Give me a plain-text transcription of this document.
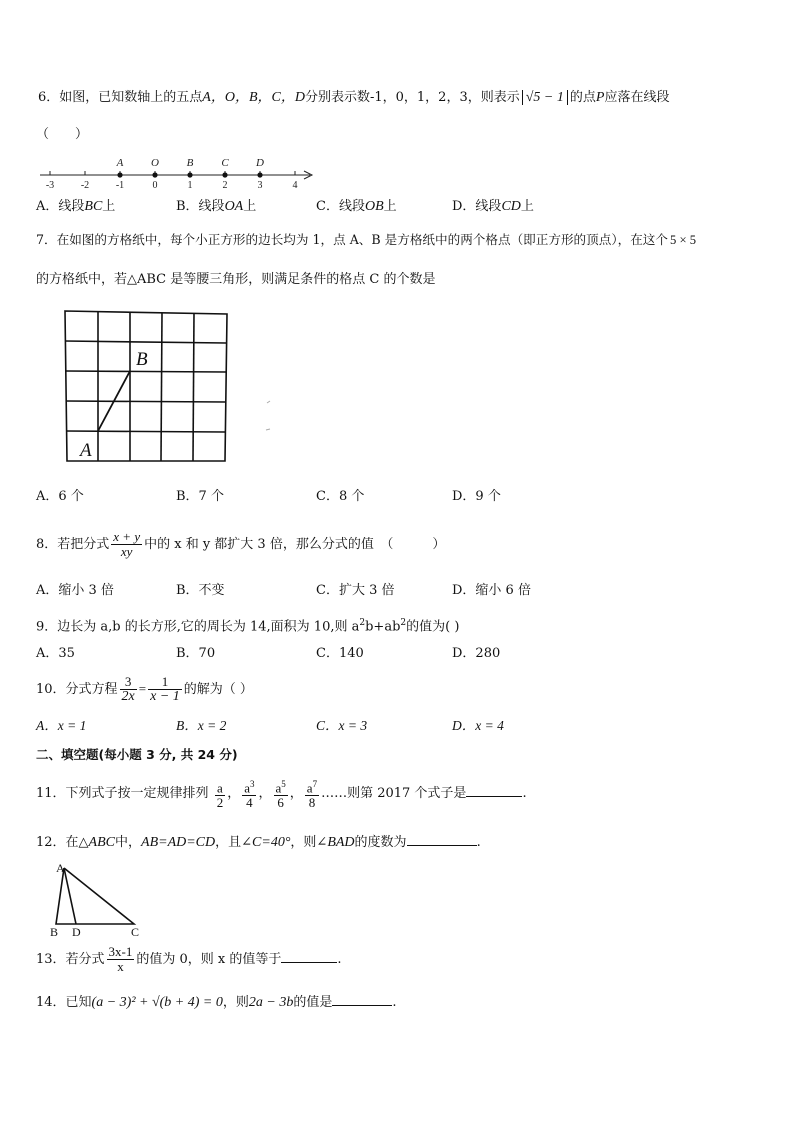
6．如图，已知数轴上的五点A，O，B，C，D分别表示数-1，0，1，2，3，则表示 √5 − 1 的点P应落在线段
（　　）
-3	-2	-1	0	1	2	3	4
A	O	B	C D
A．线段BC上	B．线段OA上	C．线段OB上	D．线段CD上
7．在如图的方格纸中，每个小正方形的边长均为 1，点 A、B 是方格纸中的两个格点（即正方形的顶点），在这个 5 × 5
的方格纸中，若△ABC 是等腰三角形，则满足条件的格点 C 的个数是
B
A
A．6 个	B．7 个	C．8 个	D．9 个
8．若把分式 $\frac{x + y}{xy}$ 中的 x 和 y 都扩大 3 倍，那么分式的值　（　　　）
A．缩小 3 倍	B．不变	C．扩大 3 倍	D．缩小 6 倍
9．边长为 a,b 的长方形,它的周长为 14,面积为 10,则 $a^2b+ab^2$的值为( )
A．35	B．70	C．140	D．280
10．分式方程 $\frac{3}{2x} = \frac{1}{x - 1}$ 的解为（ ）
A．x = 1	B．x = 2	C．x = 3	D．x = 4
二、填空题(每小题 3 分, 共 24 分)
11．下列式子按一定规律排列 $\frac{a}{2}$ ， $\frac{a^3}{4}$ ， $\frac{a^5}{6}$ ， $\frac{a^7}{8}$ ……则第 2017 个式子是	.
12．在△ABC中，AB=AD=CD，且∠C=40°，则∠BAD的度数为	.
A
B D	C
13．若分式 $\frac{3x-1}{x}$ 的值为 0，则 x 的值等于	.
14．已知(a − 3)² + √(b + 4) = 0，则2a − 3b的值是	.
